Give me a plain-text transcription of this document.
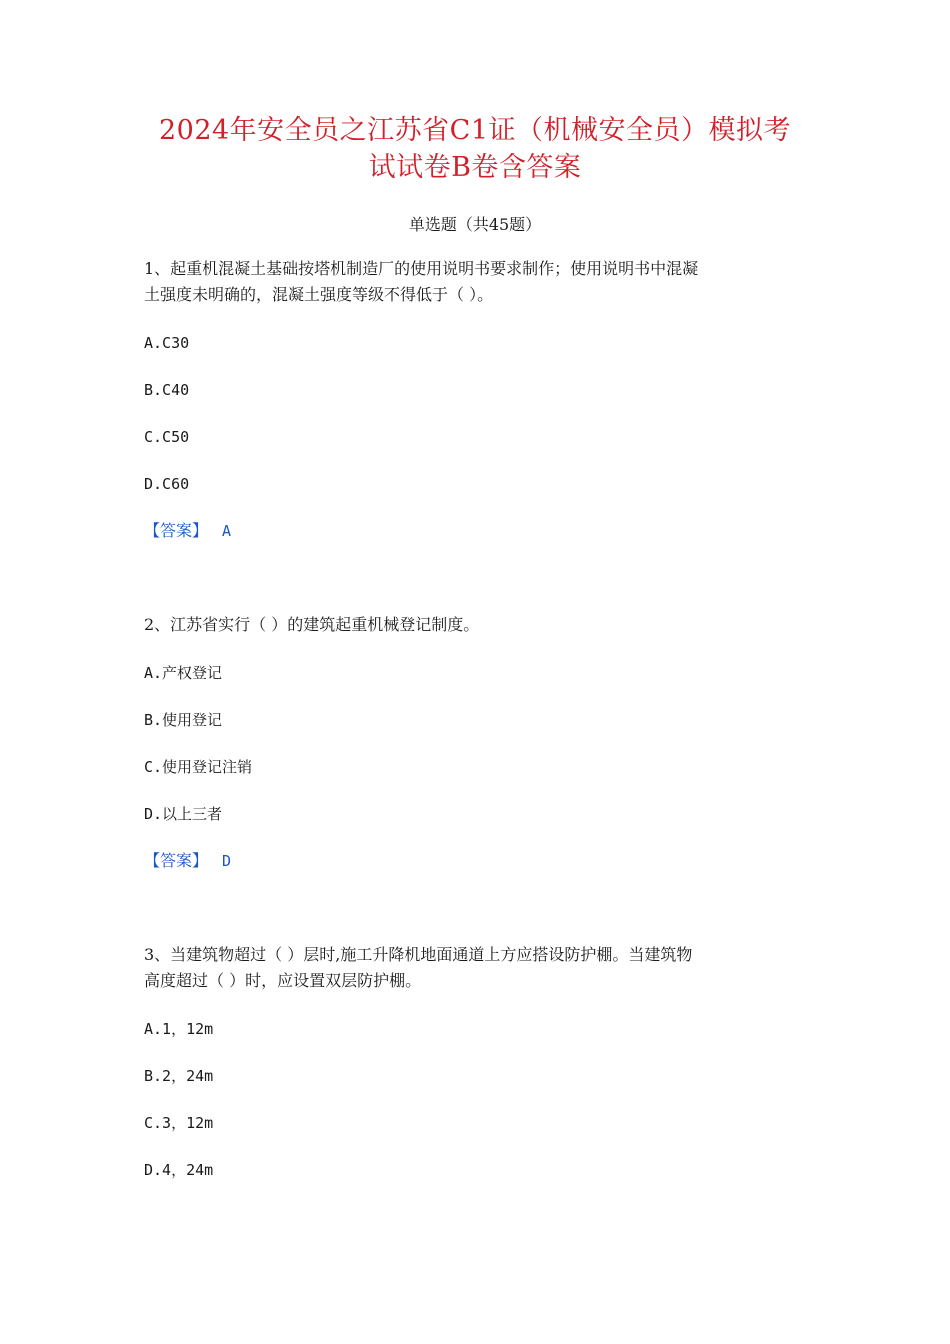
2024年安全员之江苏省C1证（机械安全员）模拟考
试试卷B卷含答案
单选题（共45题）
1、起重机混凝土基础按塔机制造厂的使用说明书要求制作；使用说明书中混凝
土强度未明确的，混凝土强度等级不得低于（ ）。
A.C30
B.C40
C.C50
D.C60
【答案】 A
2、江苏省实行（ ）的建筑起重机械登记制度。
A.产权登记
B.使用登记
C.使用登记注销
D.以上三者
【答案】 D
3、当建筑物超过（ ）层时,施工升降机地面通道上方应搭设防护棚。当建筑物
高度超过（ ）时，应设置双层防护棚。
A.1，12m
B.2，24m
C.3，12m
D.4，24m
